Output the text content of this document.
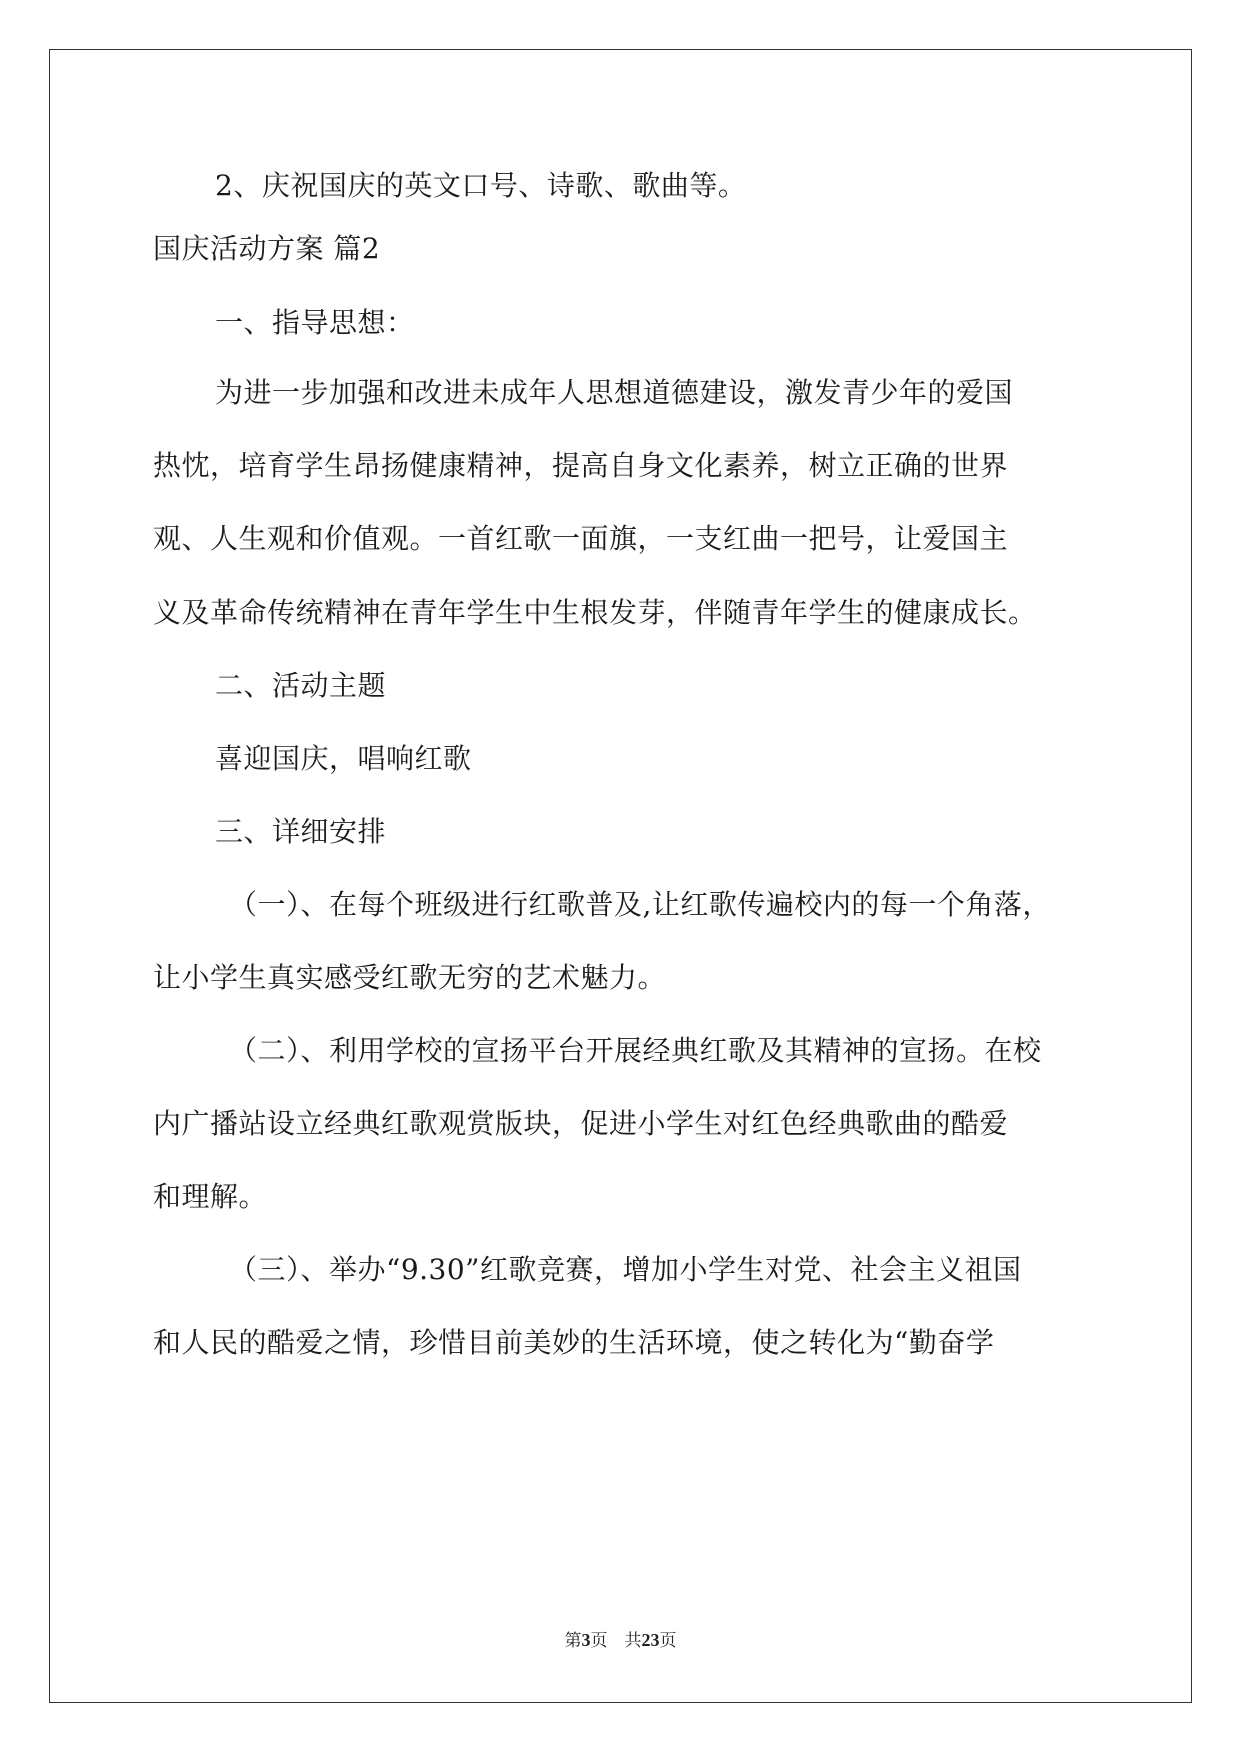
2、庆祝国庆的英文口号、诗歌、歌曲等。
国庆活动方案 篇2
一、指导思想：
为进一步加强和改进未成年人思想道德建设，激发青少年的爱国
热忱，培育学生昂扬健康精神，提高自身文化素养，树立正确的世界
观、人生观和价值观。一首红歌一面旗，一支红曲一把号，让爱国主
义及革命传统精神在青年学生中生根发芽，伴随青年学生的健康成长。
二、活动主题
喜迎国庆，唱响红歌
三、详细安排
（一）、在每个班级进行红歌普及,让红歌传遍校内的每一个角落，
让小学生真实感受红歌无穷的艺术魅力。
（二）、利用学校的宣扬平台开展经典红歌及其精神的宣扬。在校
内广播站设立经典红歌观赏版块，促进小学生对红色经典歌曲的酷爱
和理解。
（三）、举办“9.30”红歌竞赛，增加小学生对党、社会主义祖国
和人民的酷爱之情，珍惜目前美妙的生活环境，使之转化为“勤奋学
第3页　共23页
